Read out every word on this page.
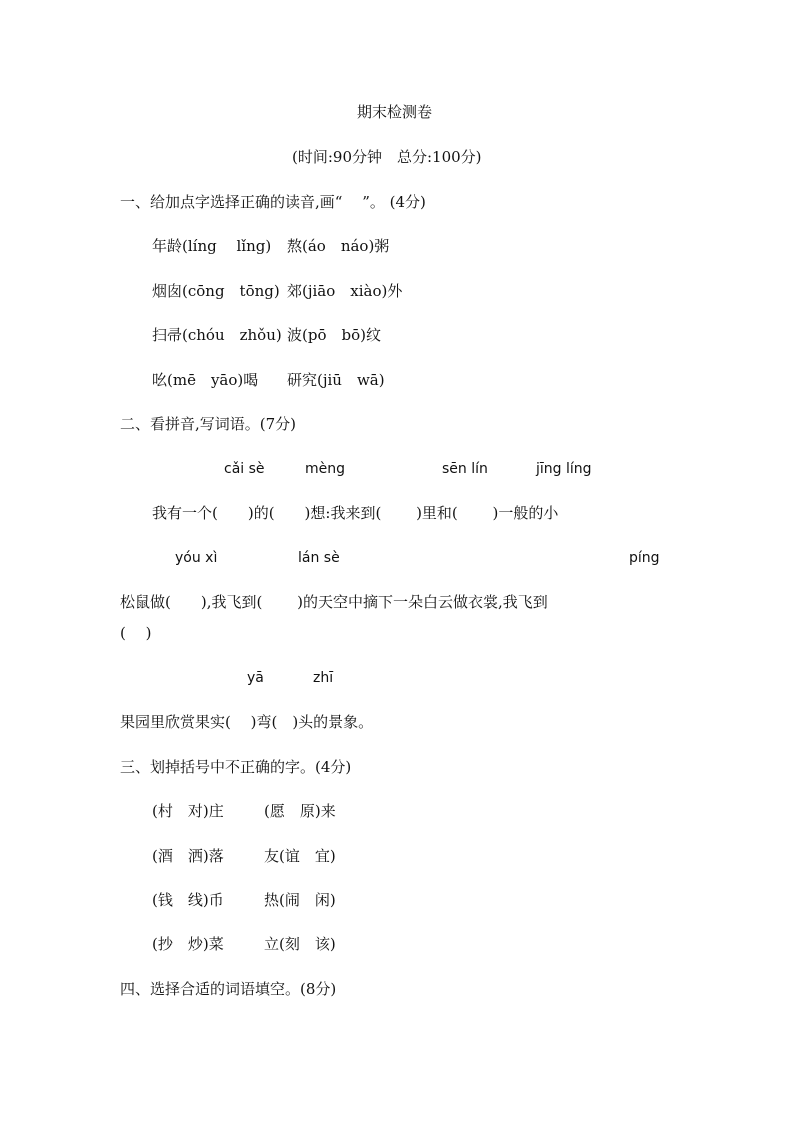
期末检测卷
(时间:90分钟　总分:100分)
一、给加点字选择正确的读音,画“　 ”。 (4分)
年龄(líng　 lǐng) 熬(áo　náo)粥
烟囱(cōng　tōng) 郊(jiāo　xiào)外
扫帚(chóu　zhǒu) 波(pō　bō)纹
吆(mē　yāo)喝 研究(jiū　wā)
二、看拼音,写词语。(7分)
cǎi sè	mèng	sēn lín	jīng líng
我有一个(　　)的(　　)想:我来到(　　 )里和(　　 )一般的小
yóu xì	lán sè	píng
松鼠做(　　),我飞到(　　 )的天空中摘下一朵白云做衣裳,我飞到
(　 )
yā	zhī
果园里欣赏果实(　 )弯(　)头的景象。
三、划掉括号中不正确的字。(4分)
(村　对)庄	(愿　原)来
(酒　洒)落	友(谊　宜)
(钱　线)币	热(闹　闲)
(抄　炒)菜	立(刻　该)
四、选择合适的词语填空。(8分)
